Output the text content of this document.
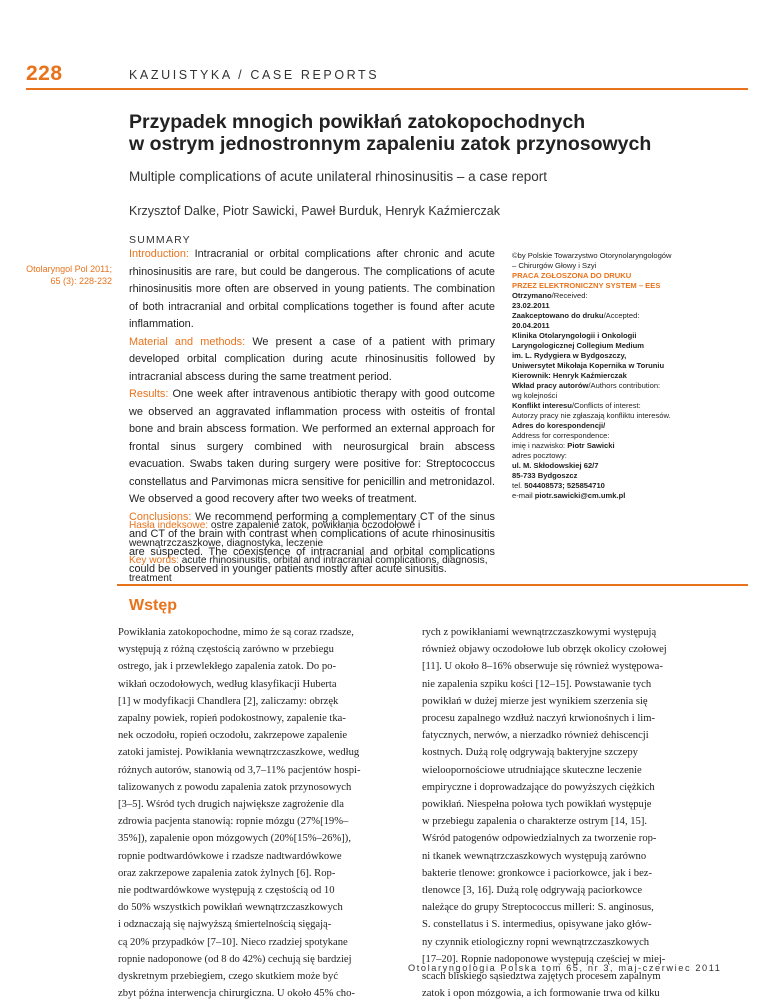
228	KAZUISTYKA / CASE REPORTS
Przypadek mnogich powikłań zatokopochodnych
w ostrym jednostronnym zapaleniu zatok przynosowych
Multiple complications of acute unilateral rhinosinusitis – a case report
Krzysztof Dalke, Piotr Sawicki, Paweł Burduk, Henryk Kaźmierczak
Otolaryngol Pol 2011;
65 (3): 228-232
SUMMARY

Introduction: Intracranial or orbital complications after chronic and acute rhinosinusitis are rare, but could be dangerous. The complications of acute rhinosinusitis more often are observed in young patients. The combination of both intracranial and orbital complications together is found after acute inflammation.

Material and methods: We present a case of a patient with primary developed orbital complication during acute rhinosinusitis followed by intracranial abscess during the same treatment period.

Results: One week after intravenous antibiotic therapy with good outcome we observed an aggravated inflammation process with osteitis of frontal bone and brain abscess formation. We performed an external approach for frontal sinus surgery combined with neurosurgical brain abscess evacuation. Swabs taken during surgery were positive for: Streptococcus constellatus and Parvimonas micra sensitive for penicillin and metronidazol. We observed a good recovery after two weeks of treatment.

Conclusions: We recommend performing a complementary CT of the sinus and CT of the brain with contrast when complications of acute rhinosinusitis are suspected. The coexistence of intracranial and orbital complications could be observed in younger patients mostly after acute sinusitis.

Hasła indeksowe: ostre zapalenie zatok, powikłania oczodołowe i wewnątrzczaszkowe, diagnostyka, leczenie

Key words: acute rhinosinusitis, orbital and intracranial complications, diagnosis, treatment

©by Polskie Towarzystwo Otorynolaryngologów
– Chirurgów Głowy i Szyi
PRACA ZGŁOSZONA DO DRUKU
PRZEZ ELEKTRONICZNY SYSTEM – EES
Otrzymano/Received:
23.02.2011
Zaakceptowano do druku/Accepted:
20.04.2011
Klinika Otolaryngologii i Onkologii
Laryngologicznej Collegium Medium
im. L. Rydygiera w Bydgoszczy,
Uniwersytet Mikołaja Kopernika w Toruniu
Kierownik: Henryk Kaźmierczak
Wkład pracy autorów/Authors contribution:
wg kolejności
Konflikt interesu/Conflicts of interest:
Autorzy pracy nie zgłaszają konfliktu interesów.
Adres do korespondencji/
Address for correspondence:
imię i nazwisko: Piotr Sawicki
adres pocztowy:
ul. M. Skłodowskiej 62/7
85-733 Bydgoszcz
tel. 504408573; 525854710
e-mail piotr.sawicki@cm.umk.pl
Wstęp
Powikłania zatokopochodne, mimo że są coraz rzadsze,
występują z różną częstością zarówno w przebiegu
ostrego, jak i przewlekłego zapalenia zatok. Do po-
wikłań oczodołowych, według klasyfikacji Huberta
[1] w modyfikacji Chandlera [2], zaliczamy: obrzęk
zapalny powiek, ropień podokostnowy, zapalenie tka-
nek oczodołu, ropień oczodołu, zakrzepowe zapalenie
zatoki jamistej. Powikłania wewnątrzczaszkowe, według
różnych autorów, stanowią od 3,7–11% pacjentów hospi-
talizowanych z powodu zapalenia zatok przynosowych
[3–5]. Wśród tych drugich największe zagrożenie dla
zdrowia pacjenta stanowią: ropnie mózgu (27%[19%–
35%]), zapalenie opon mózgowych (20%[15%–26%]),
ropnie podtwardówkowe i rzadsze nadtwardówkowe
oraz zakrzepowe zapalenia zatok żylnych [6]. Rop-
nie podtwardówkowe występują z częstością od 10
do 50% wszystkich powikłań wewnątrzczaszkowych
i odznaczają się najwyższą śmiertelnością sięgają-
cą 20% przypadków [7–10]. Nieco rzadziej spotykane
ropnie nadoponowe (od 8 do 42%) cechują się bardziej
dyskretnym przebiegiem, czego skutkiem może być
zbyt późna interwencja chirurgiczna. U około 45% cho-
rych z powikłaniami wewnątrzczaszkowymi występują
również objawy oczodołowe lub obrzęk okolicy czołowej
[11]. U około 8–16% obserwuje się również występowa-
nie zapalenia szpiku kości [12–15]. Powstawanie tych
powikłań w dużej mierze jest wynikiem szerzenia się
procesu zapalnego wzdłuż naczyń krwionośnych i lim-
fatycznych, nerwów, a nierzadko również dehiscencji
kostnych. Dużą rolę odgrywają bakteryjne szczepy
wieloopornościowe utrudniające skuteczne leczenie
empiryczne i doprowadzające do powyższych ciężkich
powikłań. Niespełna połowa tych powikłań występuje
w przebiegu zapalenia o charakterze ostrym [14, 15].
Wśród patogenów odpowiedzialnych za tworzenie rop-
ni tkanek wewnątrzczaszkowych występują zarówno
bakterie tlenowe: gronkowce i paciorkowce, jak i bez-
tlenowce [3, 16]. Dużą rolę odgrywają paciorkowce
należące do grupy Streptococcus milleri: S. anginosus,
S. constellatus i S. intermedius, opisywane jako głów-
ny czynnik etiologiczny ropni wewnątrzczaszkowych
[17–20]. Ropnie nadoponowe występują częściej w miej-
scach bliskiego sąsiedztwa zajętych procesem zapalnym
zatok i opon mózgowia, a ich formowanie trwa od kilku
Otolaryngologia Polska tom 65, nr 3, maj-czerwiec 2011
